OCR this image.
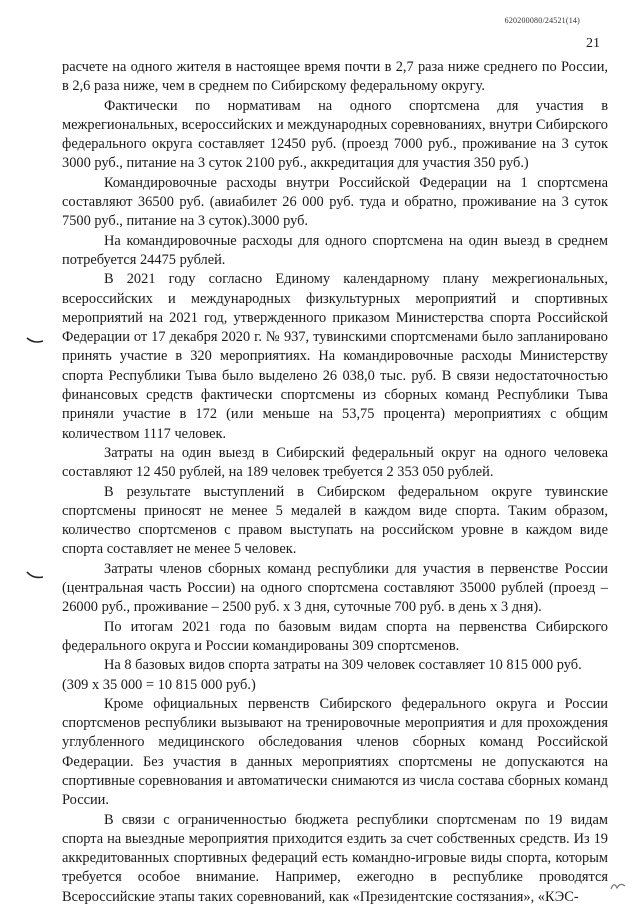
620200080/24521(14)
21

расчете на одного жителя в настоящее время почти в 2,7 раза ниже среднего по России, в 2,6 раза ниже, чем в среднем по Сибирскому федеральному округу.

Фактически по нормативам на одного спортсмена для участия в межрегиональных, всероссийских и международных соревнованиях, внутри Сибирского федерального округа составляет 12450 руб. (проезд 7000 руб., проживание на 3 суток 3000 руб., питание на 3 суток 2100 руб., аккредитация для участия 350 руб.)

Командировочные расходы внутри Российской Федерации на 1 спортсмена составляют 36500 руб. (авиабилет 26 000 руб. туда и обратно, проживание на 3 суток 7500 руб., питание на 3 суток).3000 руб.

На командировочные расходы для одного спортсмена на один выезд в среднем потребуется 24475 рублей.

В 2021 году согласно Единому календарному плану межрегиональных, всероссийских и международных физкультурных мероприятий и спортивных мероприятий на 2021 год, утвержденного приказом Министерства спорта Российской Федерации от 17 декабря 2020 г. № 937, тувинскими спортсменами было запланировано принять участие в 320 мероприятиях. На командировочные расходы Министерству спорта Республики Тыва было выделено 26 038,0 тыс. руб. В связи недостаточностью финансовых средств фактически спортсмены из сборных команд Республики Тыва приняли участие в 172 (или меньше на 53,75 процента) мероприятиях с общим количеством 1117 человек.

Затраты на один выезд в Сибирский федеральный округ на одного человека составляют 12 450 рублей, на 189 человек требуется 2 353 050 рублей.

В результате выступлений в Сибирском федеральном округе тувинские спортсмены приносят не менее 5 медалей в каждом виде спорта. Таким образом, количество спортсменов с правом выступать на российском уровне в каждом виде спорта составляет не менее 5 человек.

Затраты членов сборных команд республики для участия в первенстве России (центральная часть России) на одного спортсмена составляют 35000 рублей (проезд – 26000 руб., проживание – 2500 руб. х 3 дня, суточные 700 руб. в день х 3 дня).

По итогам 2021 года по базовым видам спорта на первенства Сибирского федерального округа и России командированы 309 спортсменов.

На 8 базовых видов спорта затраты на 309 человек составляет 10 815 000 руб.

(309 х 35 000 = 10 815 000 руб.)

Кроме официальных первенств Сибирского федерального округа и России спортсменов республики вызывают на тренировочные мероприятия и для прохождения углубленного медицинского обследования членов сборных команд Российской Федерации. Без участия в данных мероприятиях спортсмены не допускаются на спортивные соревнования и автоматически снимаются из числа состава сборных команд России.

В связи с ограниченностью бюджета республики спортсменам по 19 видам спорта на выездные мероприятия приходится ездить за счет собственных средств. Из 19 аккредитованных спортивных федераций есть командно-игровые виды спорта, которым требуется особое внимание. Например, ежегодно в республике проводятся Всероссийские этапы таких соревнований, как «Президентские состязания», «КЭС-
